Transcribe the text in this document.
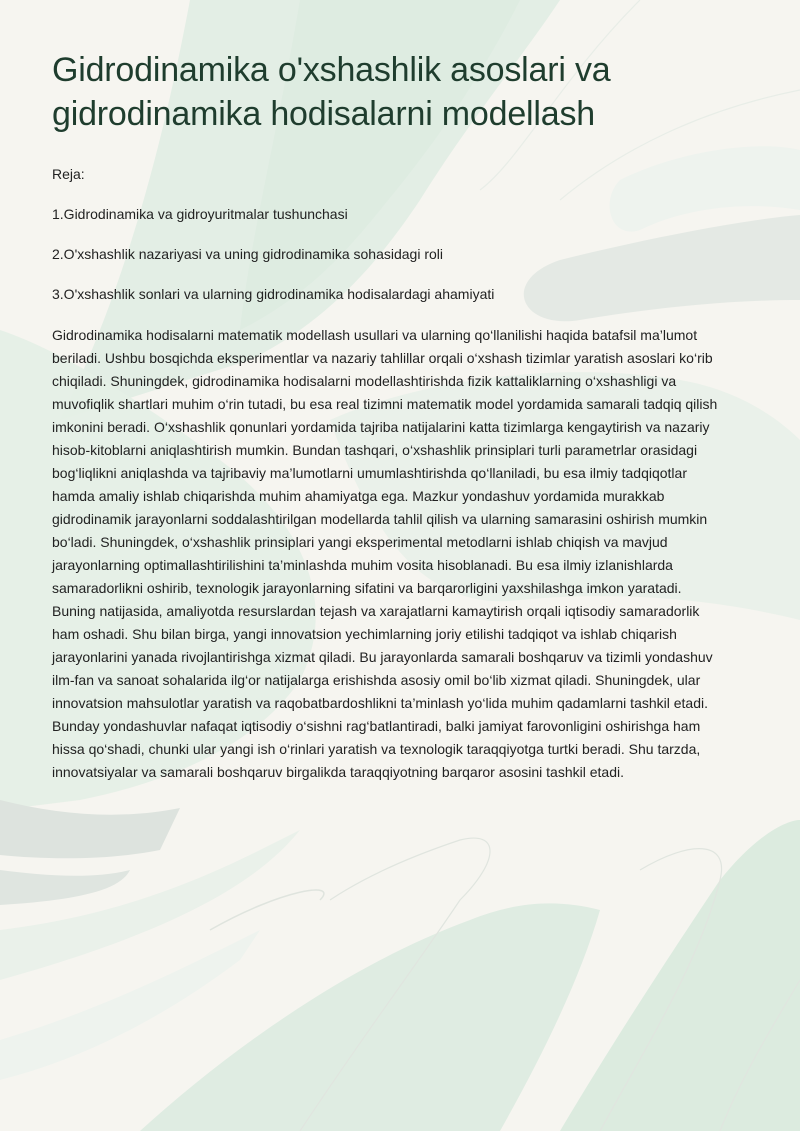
Gidrodinamika o'xshashlik asoslari va
gidrodinamika hodisalarni modellash

Reja:

1.Gidrodinamika va gidroyuritmalar tushunchasi
2.O'xshashlik nazariyasi va uning gidrodinamika sohasidagi roli
3.O'xshashlik sonlari va ularning gidrodinamika hodisalardagi ahamiyati
Gidrodinamika hodisalarni matematik modellash usullari va ularning qo‘llanilishi haqida batafsil ma’lumot
beriladi. Ushbu bosqichda eksperimentlar va nazariy tahlillar orqali o‘xshash tizimlar yaratish asoslari ko‘rib
chiqiladi. Shuningdek, gidrodinamika hodisalarni modellashtirishda fizik kattaliklarning o‘xshashligi va
muvofiqlik shartlari muhim o‘rin tutadi, bu esa real tizimni matematik model yordamida samarali tadqiq qilish
imkonini beradi. O‘xshashlik qonunlari yordamida tajriba natijalarini katta tizimlarga kengaytirish va nazariy
hisob-kitoblarni aniqlashtirish mumkin. Bundan tashqari, o‘xshashlik prinsiplari turli parametrlar orasidagi
bog‘liqlikni aniqlashda va tajribaviy ma’lumotlarni umumlashtirishda qo‘llaniladi, bu esa ilmiy tadqiqotlar
hamda amaliy ishlab chiqarishda muhim ahamiyatga ega. Mazkur yondashuv yordamida murakkab
gidrodinamik jarayonlarni soddalashtirilgan modellarda tahlil qilish va ularning samarasini oshirish mumkin
bo‘ladi. Shuningdek, o‘xshashlik prinsiplari yangi eksperimental metodlarni ishlab chiqish va mavjud
jarayonlarning optimallashtirilishini ta’minlashda muhim vosita hisoblanadi. Bu esa ilmiy izlanishlarda
samaradorlikni oshirib, texnologik jarayonlarning sifatini va barqarorligini yaxshilashga imkon yaratadi.
Buning natijasida, amaliyotda resurslardan tejash va xarajatlarni kamaytirish orqali iqtisodiy samaradorlik
ham oshadi. Shu bilan birga, yangi innovatsion yechimlarning joriy etilishi tadqiqot va ishlab chiqarish
jarayonlarini yanada rivojlantirishga xizmat qiladi. Bu jarayonlarda samarali boshqaruv va tizimli yondashuv
ilm-fan va sanoat sohalarida ilg‘or natijalarga erishishda asosiy omil bo‘lib xizmat qiladi. Shuningdek, ular
innovatsion mahsulotlar yaratish va raqobatbardoshlikni ta’minlash yo‘lida muhim qadamlarni tashkil etadi.
Bunday yondashuvlar nafaqat iqtisodiy o‘sishni rag‘batlantiradi, balki jamiyat farovonligini oshirishga ham
hissa qo‘shadi, chunki ular yangi ish o‘rinlari yaratish va texnologik taraqqiyotga turtki beradi. Shu tarzda,
innovatsiyalar va samarali boshqaruv birgalikda taraqqiyotning barqaror asosini tashkil etadi.
